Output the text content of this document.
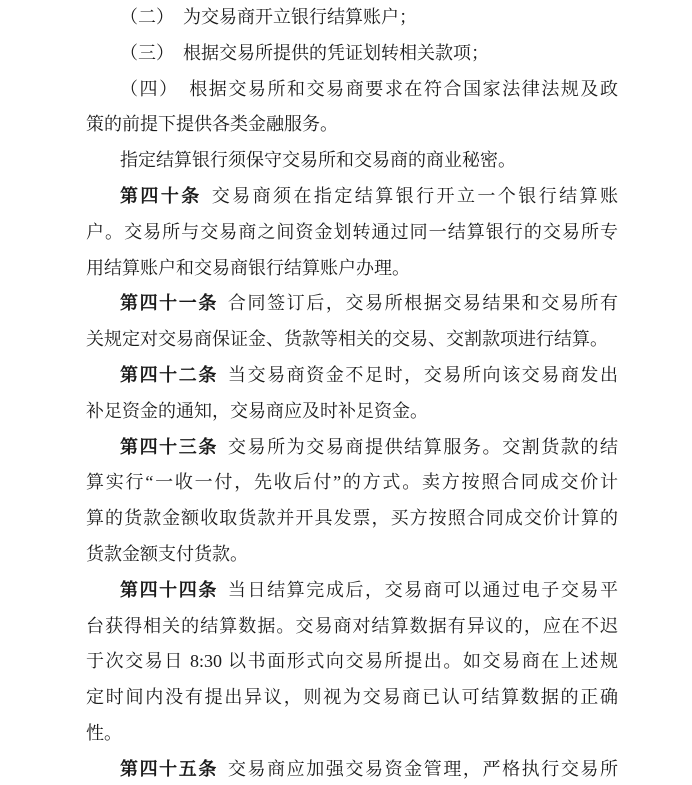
（二）　为交易商开立银行结算账户；
（三）　根据交易所提供的凭证划转相关款项；
（四）　根据交易所和交易商要求在符合国家法律法规及政
策的前提下提供各类金融服务。
指定结算银行须保守交易所和交易商的商业秘密。
第四十条 交易商须在指定结算银行开立一个银行结算账
户。交易所与交易商之间资金划转通过同一结算银行的交易所专
用结算账户和交易商银行结算账户办理。
第四十一条 合同签订后，交易所根据交易结果和交易所有
关规定对交易商保证金、货款等相关的交易、交割款项进行结算。
第四十二条 当交易商资金不足时，交易所向该交易商发出
补足资金的通知，交易商应及时补足资金。
第四十三条 交易所为交易商提供结算服务。交割货款的结
算实行“一收一付，先收后付”的方式。卖方按照合同成交价计
算的货款金额收取货款并开具发票，买方按照合同成交价计算的
货款金额支付货款。
第四十四条 当日结算完成后，交易商可以通过电子交易平
台获得相关的结算数据。交易商对结算数据有异议的，应在不迟
于次交易日 8:30 以书面形式向交易所提出。如交易商在上述规
定时间内没有提出异议，则视为交易商已认可结算数据的正确
性。
第四十五条 交易商应加强交易资金管理，严格执行交易所
